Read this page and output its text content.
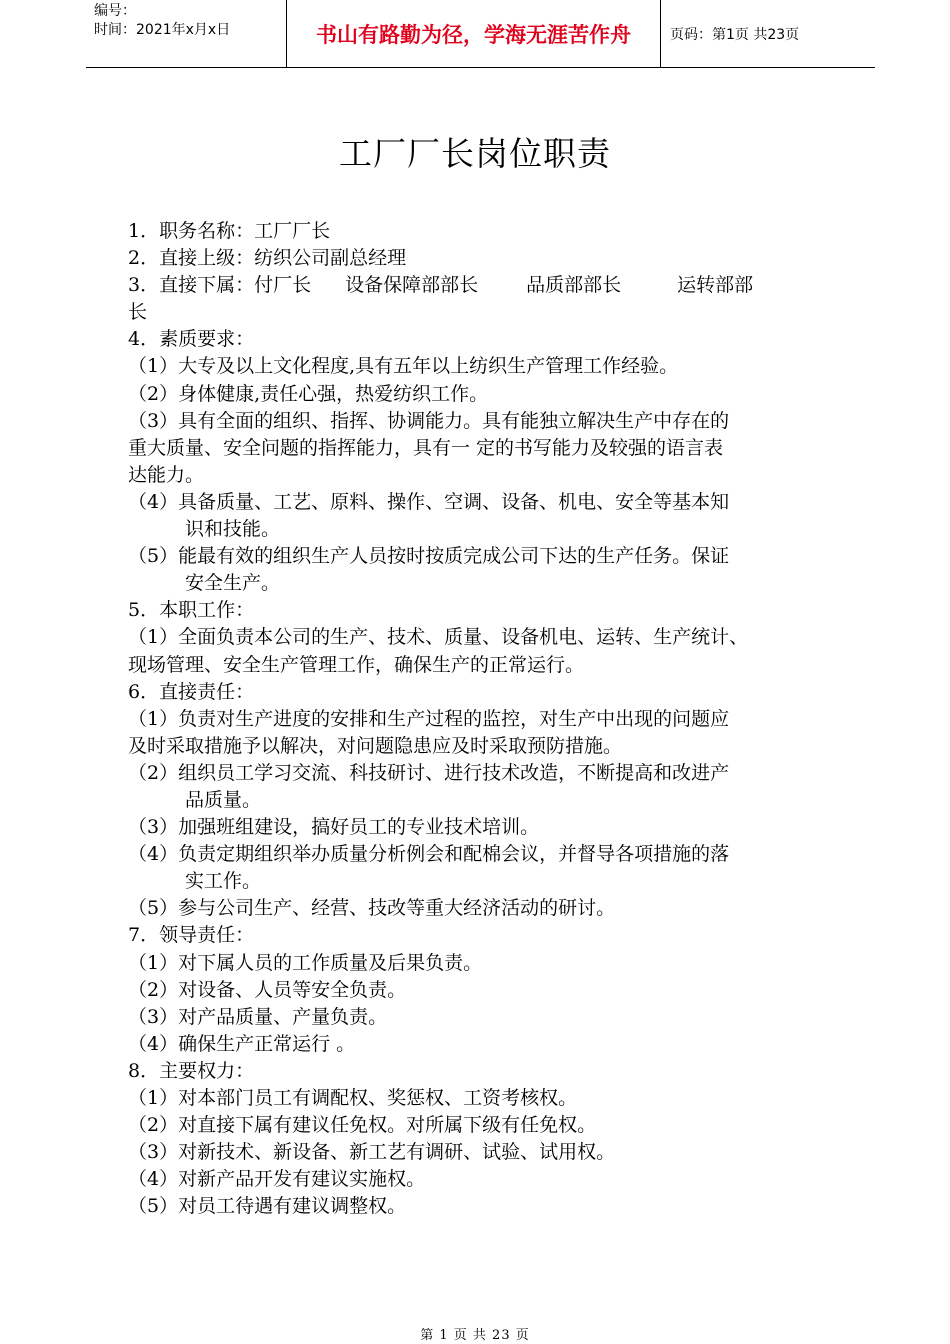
编号：
时间：2021年x月x日	书山有路勤为径，学海无涯苦作舟	页码：第1页 共23页
工厂厂长岗位职责
1．职务名称：工厂厂长
2．直接上级：纺织公司副总经理
3．直接下属：付厂长 设备保障部部长	品质部部长	运转部部
长
4．素质要求：
（1）大专及以上文化程度,具有五年以上纺织生产管理工作经验。
（2）身体健康,责任心强，热爱纺织工作。
（3）具有全面的组织、指挥、协调能力。具有能独立解决生产中存在的
重大质量、安全问题的指挥能力，具有一 定的书写能力及较强的语言表
达能力。
（4）具备质量、工艺、原料、操作、空调、设备、机电、安全等基本知
识和技能。
（5）能最有效的组织生产人员按时按质完成公司下达的生产任务。保证
安全生产。
5．本职工作：
（1）全面负责本公司的生产、技术、质量、设备机电、运转、生产统计、
现场管理、安全生产管理工作，确保生产的正常运行。
6．直接责任：
（1）负责对生产进度的安排和生产过程的监控，对生产中出现的问题应
及时采取措施予以解决，对问题隐患应及时采取预防措施。
（2）组织员工学习交流、科技研讨、进行技术改造，不断提高和改进产
品质量。
（3）加强班组建设，搞好员工的专业技术培训。
（4）负责定期组织举办质量分析例会和配棉会议，并督导各项措施的落
实工作。
（5）参与公司生产、经营、技改等重大经济活动的研讨。
7．领导责任：
（1）对下属人员的工作质量及后果负责。
（2）对设备、人员等安全负责。
（3）对产品质量、产量负责。
（4）确保生产正常运行 。
8．主要权力：
（1）对本部门员工有调配权、奖惩权、工资考核权。
（2）对直接下属有建议任免权。对所属下级有任免权。
（3）对新技术、新设备、新工艺有调研、试验、试用权。
（4）对新产品开发有建议实施权。
（5）对员工待遇有建议调整权。
第 1 页 共 23 页
